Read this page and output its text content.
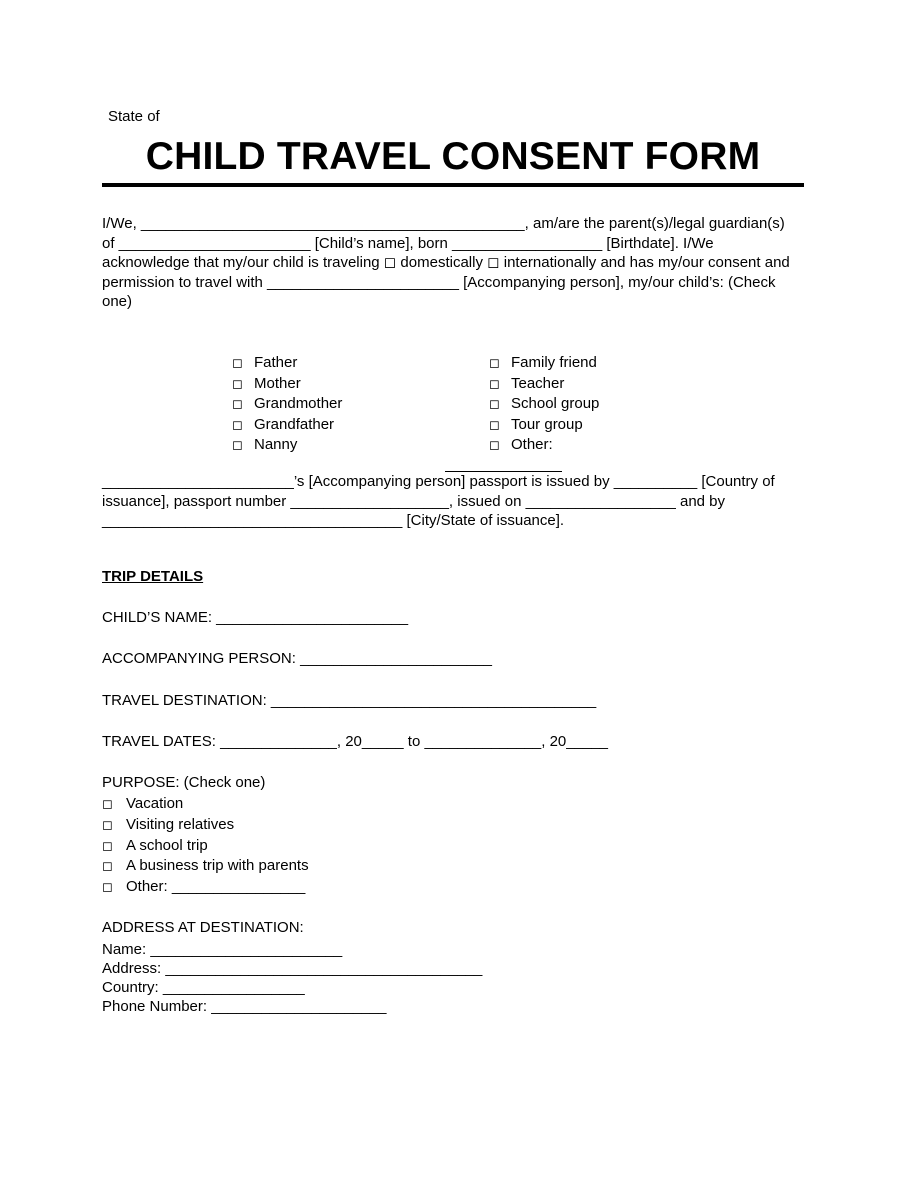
State of
CHILD TRAVEL CONSENT FORM
I/We, ______________________________________________, am/are the parent(s)/legal guardian(s)
of _______________________ [Child’s name], born __________________ [Birthdate]. I/We
acknowledge that my/our child is traveling ◻ domestically ◻ internationally and has my/our consent and
permission to travel with _______________________ [Accompanying person], my/our child’s: (Check
one)
◻ Father
◻ Mother
◻ Grandmother
◻ Grandfather
◻ Nanny
◻ Family friend
◻ Teacher
◻ School group
◻ Tour group
◻ Other:
_______________________’s [Accompanying person] passport is issued by __________ [Country of
issuance], passport number ___________________, issued on __________________ and by
____________________________________ [City/State of issuance].
TRIP DETAILS
CHILD’S NAME: _______________________
ACCOMPANYING PERSON: _______________________
TRAVEL DESTINATION: _______________________________________
TRAVEL DATES: ______________, 20_____ to ______________, 20_____
PURPOSE: (Check one)
◻ Vacation
◻ Visiting relatives
◻ A school trip
◻ A business trip with parents
◻ Other: ________________
ADDRESS AT DESTINATION:
Name: _______________________
Address: ______________________________________
Country: _________________
Phone Number: _____________________
